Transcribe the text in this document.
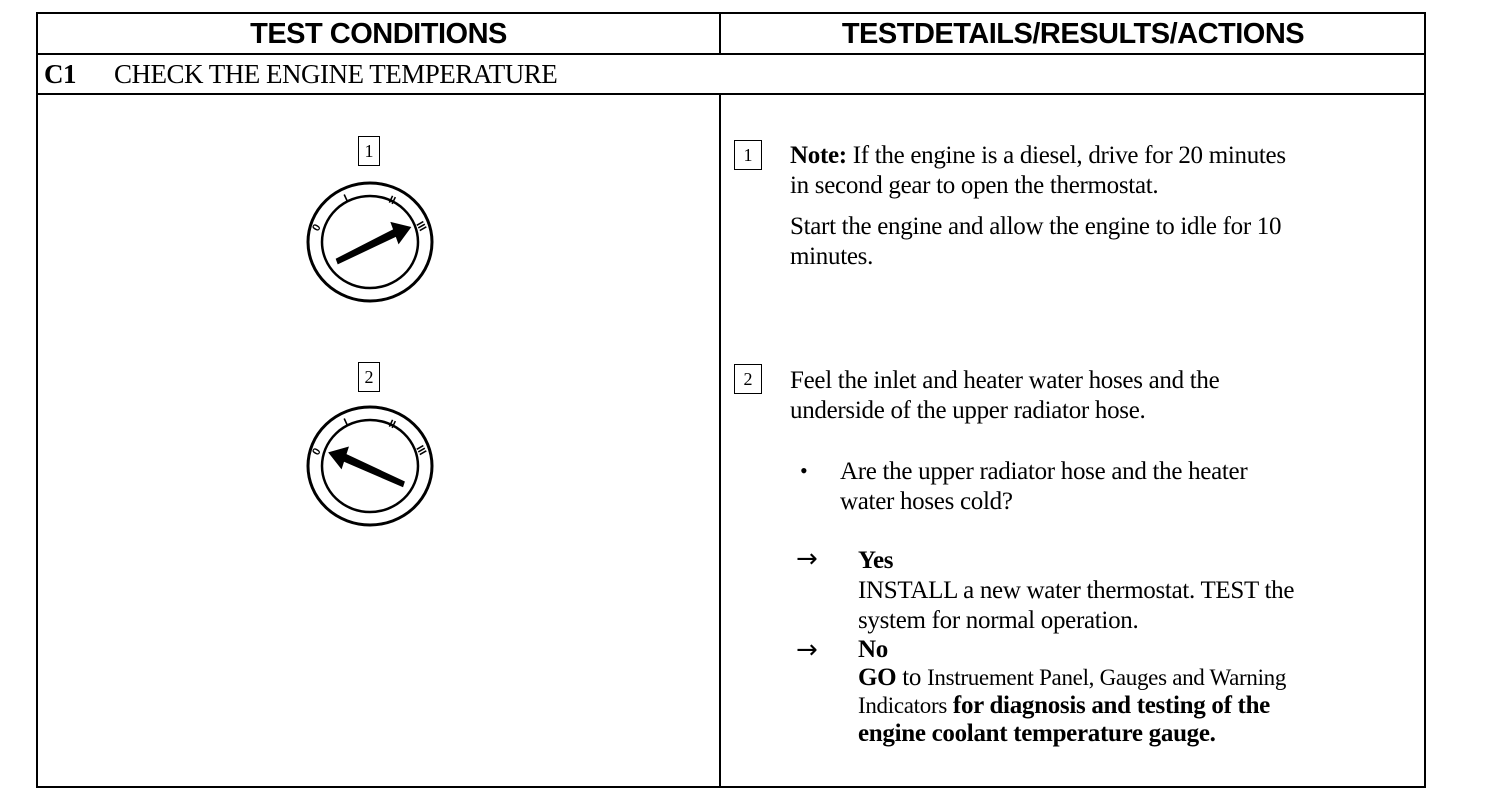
TEST CONDITIONS	TESTDETAILS/RESULTS/ACTIONS
C1	CHECK THE ENGINE TEMPERATURE
1
0
I	II
III
2
0
I	II
III
1	Note: If the engine is a diesel, drive for 20 minutes
in second gear to open the thermostat.
Start the engine and allow the engine to idle for 10
minutes.
2	Feel the inlet and heater water hoses and the
underside of the upper radiator hose.
• Are the upper radiator hose and the heater
water hoses cold?
→ Yes
INSTALL a new water thermostat. TEST the
system for normal operation.
→ No
GO to Instruement Panel, Gauges and Warning
Indicators for diagnosis and testing of the
engine coolant temperature gauge.
